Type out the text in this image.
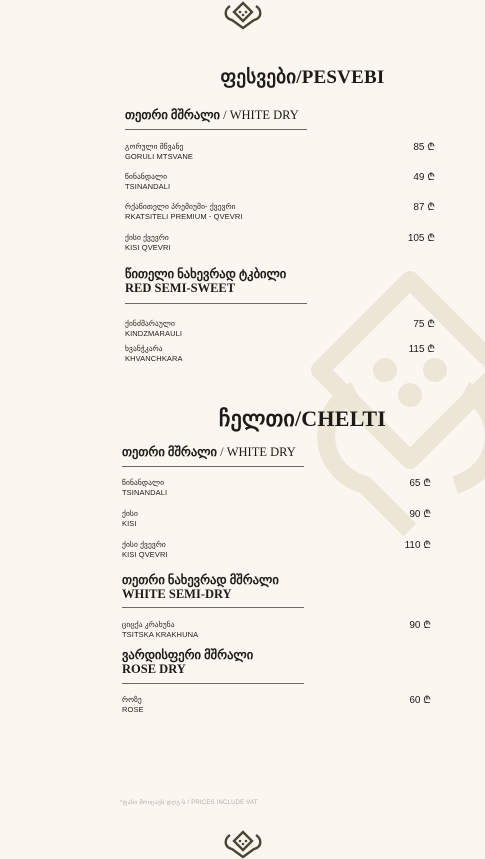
ფესვები/PESVEBI
თეთრი მშრალი / WHITE DRY
გორული მწვანე
GORULI MTSVANE
85 ₾
წინანდალი
TSINANDALI
49 ₾
რქაწითელი პრემიუმი- ქვევრი
RKATSITELI PREMIUM - QVEVRI
87 ₾
ქისი ქვევრი
KISI QVEVRI
105 ₾
წითელი ნახევრად ტკბილი
RED SEMI-SWEET
ქინძმარაული
KINDZMARAULI
75 ₾
ხვანჭკარა
KHVANCHKARA
115 ₾
ჩელთი/CHELTI
თეთრი მშრალი / WHITE DRY
წინანდალი
TSINANDALI
65 ₾
ქისი
KISI
90 ₾
ქისი ქვევრი
KISI QVEVRI
110 ₾
თეთრი ნახევრად მშრალი
WHITE SEMI-DRY
ციცქა კრახუნა
TSITSKA KRAKHUNA
90 ₾
ვარდისფერი მშრალი
ROSE DRY
როზე
ROSE
60 ₾
*ფასი მოიცავს დღგ-ს / PRICES INCLUDE VAT
